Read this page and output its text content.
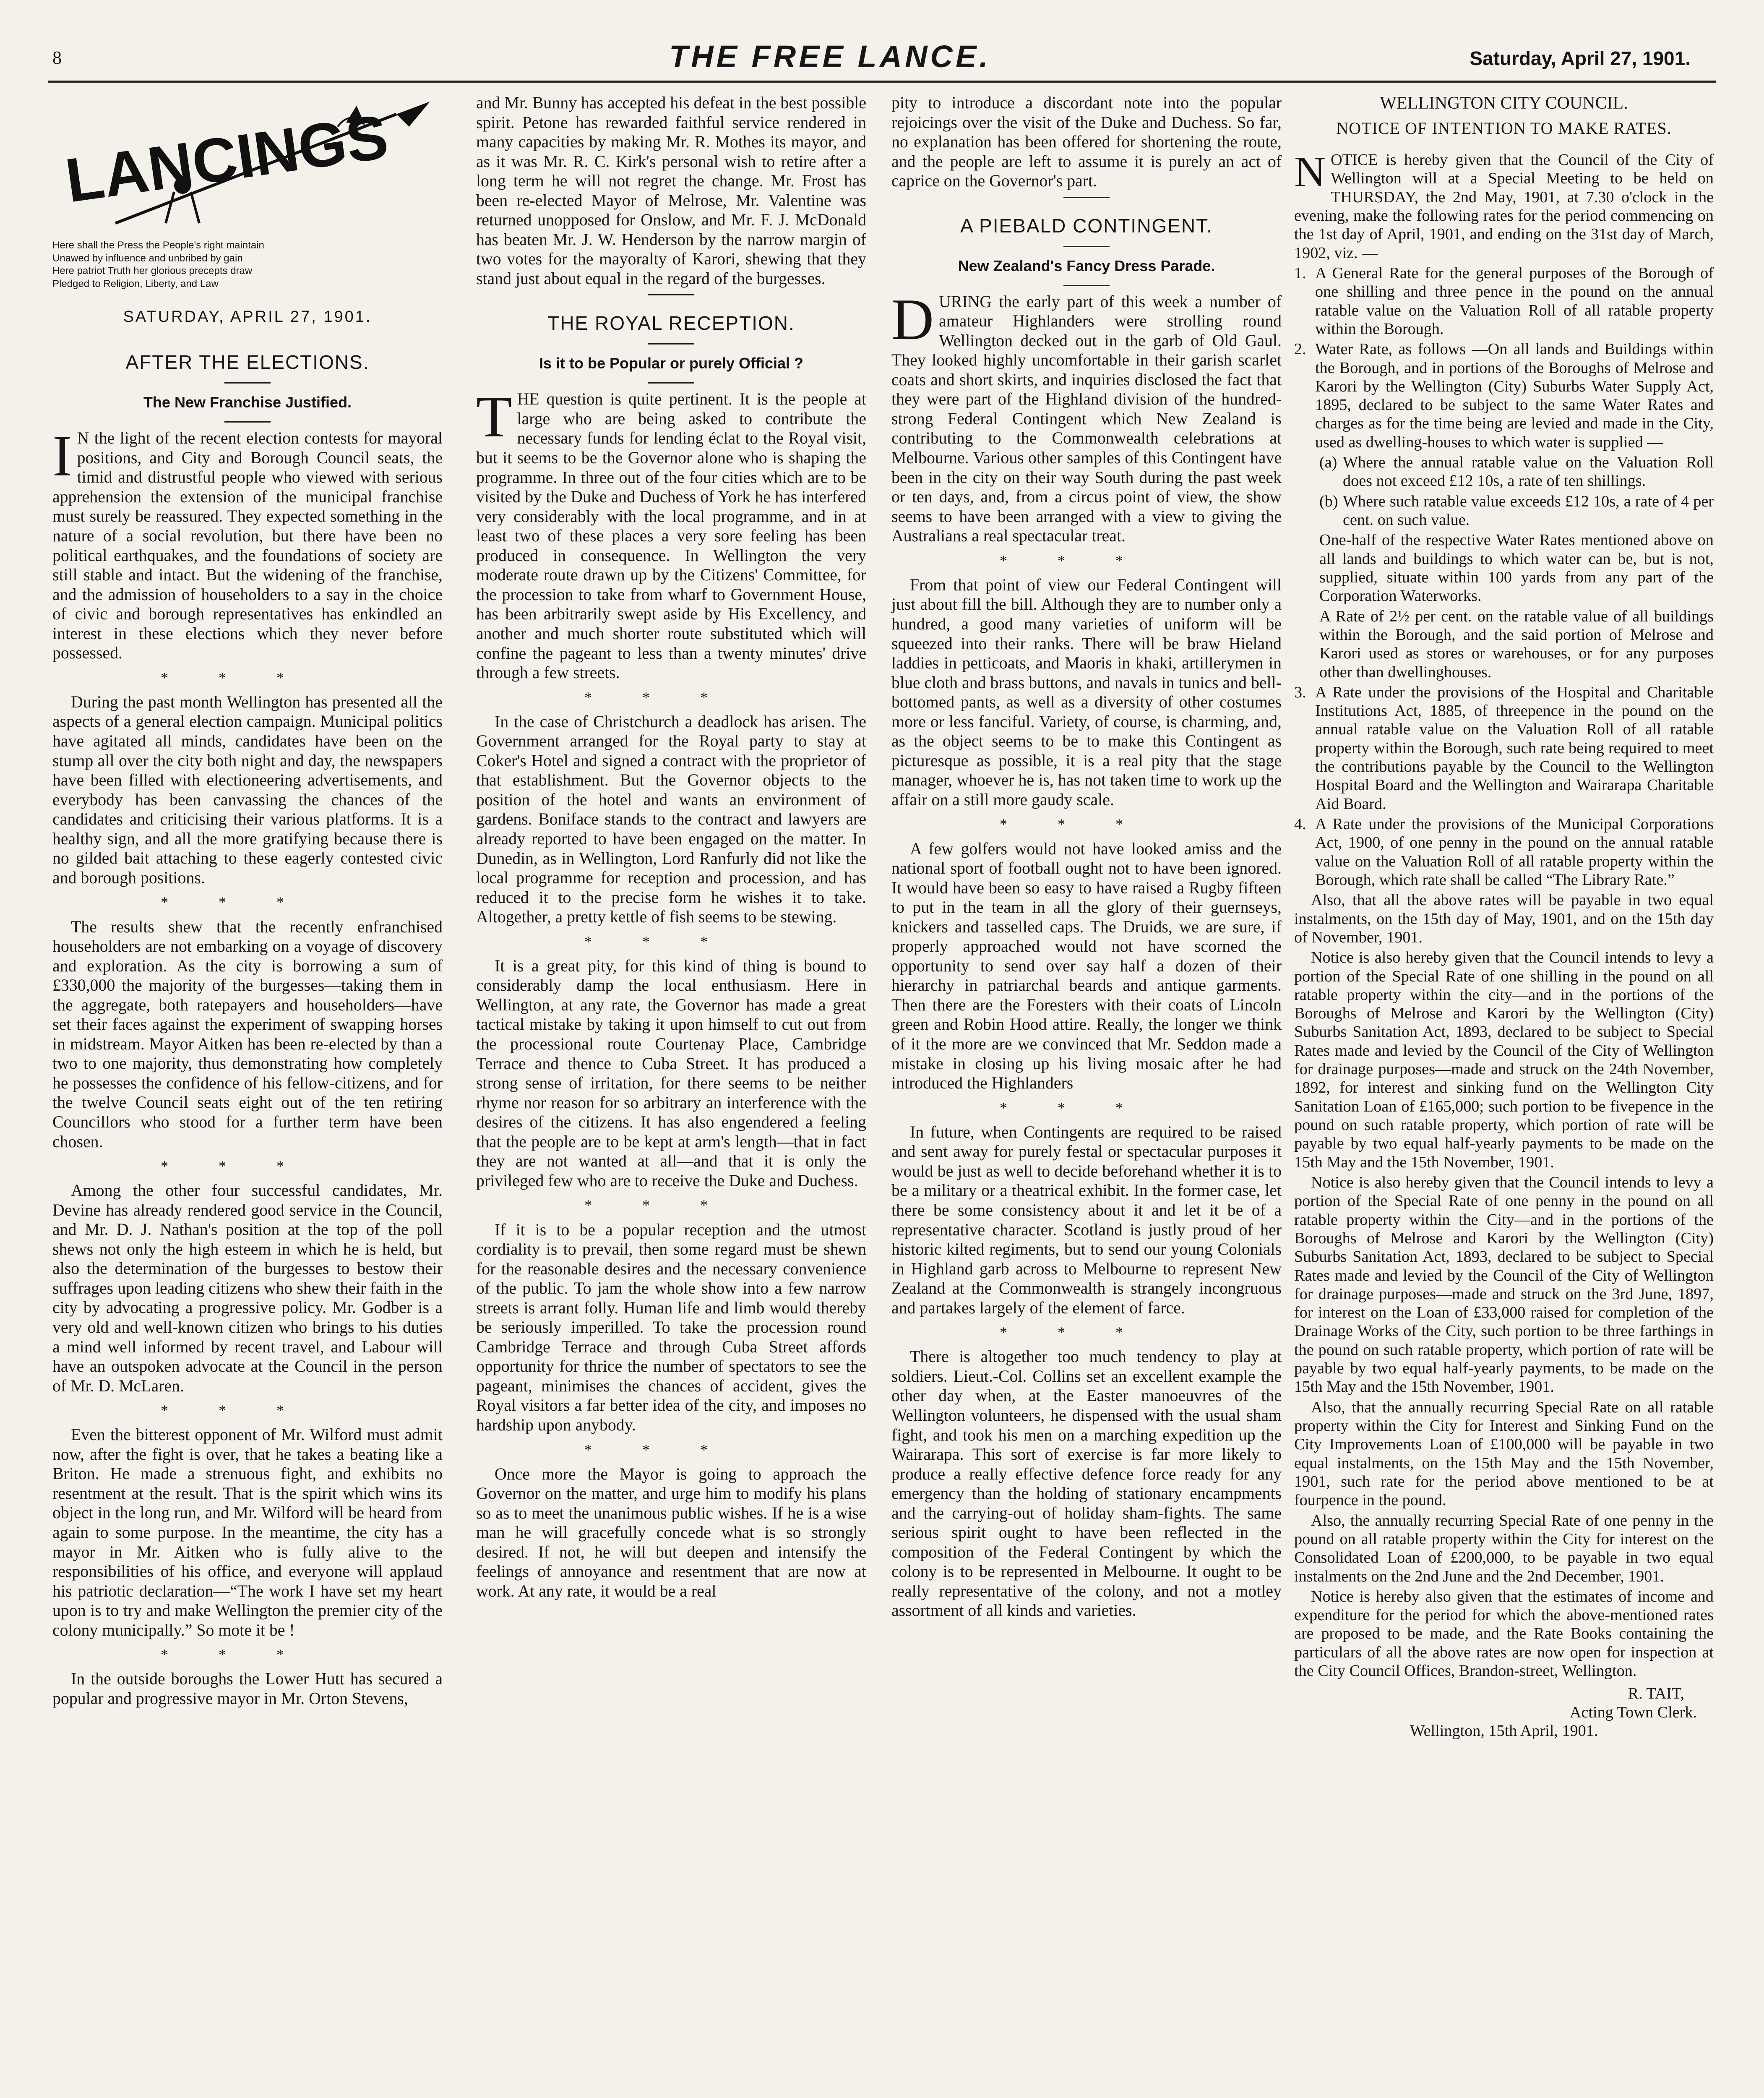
8	THE FREE LANCE.	Saturday, April 27, 1901.
LANCINGS
Here shall the Press the People's right maintain
Unawed by influence and unbribed by gain
Here patriot Truth her glorious precepts draw
Pledged to Religion, Liberty, and Law
SATURDAY, APRIL 27, 1901.
AFTER THE ELECTIONS.
The New Franchise Justified.

I N the light of the recent election contests for mayoral positions, and City and Borough Council seats, the timid and distrustful people who viewed with serious apprehension the extension of the municipal franchise must surely be reassured. They expected something in the nature of a social revolution, but there have been no political earthquakes, and the foundations of society are still stable and intact. But the widening of the franchise, and the admission of householders to a say in the choice of civic and borough representatives has enkindled an interest in these elections which they never before possessed.

***

During the past month Wellington has presented all the aspects of a general election campaign. Municipal politics have agitated all minds, candidates have been on the stump all over the city both night and day, the newspapers have been filled with electioneering advertisements, and everybody has been canvassing the chances of the candidates and criticising their various platforms. It is a healthy sign, and all the more gratifying because there is no gilded bait attaching to these eagerly contested civic and borough positions.

***

The results shew that the recently enfranchised householders are not embarking on a voyage of discovery and exploration. As the city is borrowing a sum of £330,000 the majority of the burgesses—taking them in the aggregate, both ratepayers and householders—have set their faces against the experiment of swapping horses in midstream. Mayor Aitken has been re-elected by than a two to one majority, thus demonstrating how completely he possesses the confidence of his fellow-citizens, and for the twelve Council seats eight out of the ten retiring Councillors who stood for a further term have been chosen.

***

Among the other four successful candidates, Mr. Devine has already rendered good service in the Council, and Mr. D. J. Nathan's position at the top of the poll shews not only the high esteem in which he is held, but also the determination of the burgesses to bestow their suffrages upon leading citizens who shew their faith in the city by advocating a progressive policy. Mr. Godber is a very old and well-known citizen who brings to his duties a mind well informed by recent travel, and Labour will have an outspoken advocate at the Council in the person of Mr. D. McLaren.

***

Even the bitterest opponent of Mr. Wilford must admit now, after the fight is over, that he takes a beating like a Briton. He made a strenuous fight, and exhibits no resentment at the result. That is the spirit which wins its object in the long run, and Mr. Wilford will be heard from again to some purpose. In the meantime, the city has a mayor in Mr. Aitken who is fully alive to the responsibilities of his office, and everyone will applaud his patriotic declaration—“The work I have set my heart upon is to try and make Wellington the premier city of the colony municipally.” So mote it be !

***

In the outside boroughs the Lower Hutt has secured a popular and progressive mayor in Mr. Orton Stevens,

and Mr. Bunny has accepted his defeat in the best possible spirit. Petone has rewarded faithful service rendered in many capacities by making Mr. R. Mothes its mayor, and as it was Mr. R. C. Kirk's personal wish to retire after a long term he will not regret the change. Mr. Frost has been re-elected Mayor of Melrose, Mr. Valentine was returned unopposed for Onslow, and Mr. F. J. McDonald has beaten Mr. J. W. Henderson by the narrow margin of two votes for the mayoralty of Karori, shewing that they stand just about equal in the regard of the burgesses.

THE ROYAL RECEPTION.
Is it to be Popular or purely Official ?

THE question is quite pertinent. It is the people at large who are being asked to contribute the necessary funds for lending éclat to the Royal visit, but it seems to be the Governor alone who is shaping the programme. In three out of the four cities which are to be visited by the Duke and Duchess of York he has interfered very considerably with the local programme, and in at least two of these places a very sore feeling has been produced in consequence. In Wellington the very moderate route drawn up by the Citizens' Committee, for the procession to take from wharf to Government House, has been arbitrarily swept aside by His Excellency, and another and much shorter route substituted which will confine the pageant to less than a twenty minutes' drive through a few streets.

***

In the case of Christchurch a deadlock has arisen. The Government arranged for the Royal party to stay at Coker's Hotel and signed a contract with the proprietor of that establishment. But the Governor objects to the position of the hotel and wants an environment of gardens. Boniface stands to the contract and lawyers are already reported to have been engaged on the matter. In Dunedin, as in Wellington, Lord Ranfurly did not like the local programme for reception and procession, and has reduced it to the precise form he wishes it to take. Altogether, a pretty kettle of fish seems to be stewing.

***

It is a great pity, for this kind of thing is bound to considerably damp the local enthusiasm. Here in Wellington, at any rate, the Governor has made a great tactical mistake by taking it upon himself to cut out from the processional route Courtenay Place, Cambridge Terrace and thence to Cuba Street. It has produced a strong sense of irritation, for there seems to be neither rhyme nor reason for so arbitrary an interference with the desires of the citizens. It has also engendered a feeling that the people are to be kept at arm's length—that in fact they are not wanted at all—and that it is only the privileged few who are to receive the Duke and Duchess.

***

If it is to be a popular reception and the utmost cordiality is to prevail, then some regard must be shewn for the reasonable desires and the necessary convenience of the public. To jam the whole show into a few narrow streets is arrant folly. Human life and limb would thereby be seriously imperilled. To take the procession round Cambridge Terrace and through Cuba Street affords opportunity for thrice the number of spectators to see the pageant, minimises the chances of accident, gives the Royal visitors a far better idea of the city, and imposes no hardship upon anybody.

***

Once more the Mayor is going to approach the Governor on the matter, and urge him to modify his plans so as to meet the unanimous public wishes. If he is a wise man he will gracefully concede what is so strongly desired. If not, he will but deepen and intensify the feelings of annoyance and resentment that are now at work. At any rate, it would be a real

pity to introduce a discordant note into the popular rejoicings over the visit of the Duke and Duchess. So far, no explanation has been offered for shortening the route, and the people are left to assume it is purely an act of caprice on the Governor's part.

A PIEBALD CONTINGENT.
New Zealand's Fancy Dress Parade.

DURING the early part of this week a number of amateur Highlanders were strolling round Wellington decked out in the garb of Old Gaul. They looked highly uncomfortable in their garish scarlet coats and short skirts, and inquiries disclosed the fact that they were part of the Highland division of the hundred-strong Federal Contingent which New Zealand is contributing to the Commonwealth celebrations at Melbourne. Various other samples of this Contingent have been in the city on their way South during the past week or ten days, and, from a circus point of view, the show seems to have been arranged with a view to giving the Australians a real spectacular treat.

***

From that point of view our Federal Contingent will just about fill the bill. Although they are to number only a hundred, a good many varieties of uniform will be squeezed into their ranks. There will be braw Hieland laddies in petticoats, and Maoris in khaki, artillerymen in blue cloth and brass buttons, and navals in tunics and bell-bottomed pants, as well as a diversity of other costumes more or less fanciful. Variety, of course, is charming, and, as the object seems to be to make this Contingent as picturesque as possible, it is a real pity that the stage manager, whoever he is, has not taken time to work up the affair on a still more gaudy scale.

***

A few golfers would not have looked amiss and the national sport of football ought not to have been ignored. It would have been so easy to have raised a Rugby fifteen to put in the team in all the glory of their guernseys, knickers and tasselled caps. The Druids, we are sure, if properly approached would not have scorned the opportunity to send over say half a dozen of their hierarchy in patriarchal beards and antique garments. Then there are the Foresters with their coats of Lincoln green and Robin Hood attire. Really, the longer we think of it the more are we convinced that Mr. Seddon made a mistake in closing up his living mosaic after he had introduced the Highlanders

***

In future, when Contingents are required to be raised and sent away for purely festal or spectacular purposes it would be just as well to decide beforehand whether it is to be a military or a theatrical exhibit. In the former case, let there be some consistency about it and let it be of a representative character. Scotland is justly proud of her historic kilted regiments, but to send our young Colonials in Highland garb across to Melbourne to represent New Zealand at the Commonwealth is strangely incongruous and partakes largely of the element of farce.

***

There is altogether too much tendency to play at soldiers. Lieut.-Col. Collins set an excellent example the other day when, at the Easter manoeuvres of the Wellington volunteers, he dispensed with the usual sham fight, and took his men on a marching expedition up the Wairarapa. This sort of exercise is far more likely to produce a really effective defence force ready for any emergency than the holding of stationary encampments and the carrying-out of holiday sham-fights. The same serious spirit ought to have been reflected in the composition of the Federal Contingent by which the colony is to be represented in Melbourne. It ought to be really representative of the colony, and not a motley assortment of all kinds and varieties.

WELLINGTON CITY COUNCIL.
NOTICE OF INTENTION TO MAKE RATES.

NOTICE is hereby given that the Council of the City of Wellington will at a Special Meeting to be held on THURSDAY, the 2nd May, 1901, at 7.30 o'clock in the evening, make the following rates for the period commencing on the 1st day of April, 1901, and ending on the 31st day of March, 1902, viz. —

1. A General Rate for the general purposes of the Borough of one shilling and three pence in the pound on the annual ratable value on the Valuation Roll of all ratable property within the Borough.
2. Water Rate, as follows —On all lands and Buildings within the Borough, and in portions of the Boroughs of Melrose and Karori by the Wellington (City) Suburbs Water Supply Act, 1895, declared to be subject to the same Water Rates and charges as for the time being are levied and made in the City, used as dwelling-houses to which water is supplied —
(a) Where the annual ratable value on the Valuation Roll does not exceed £12 10s, a rate of ten shillings.
(b) Where such ratable value exceeds £12 10s, a rate of 4 per cent. on such value.
One-half of the respective Water Rates mentioned above on all lands and buildings to which water can be, but is not, supplied, situate within 100 yards from any part of the Corporation Waterworks.
A Rate of 2½ per cent. on the ratable value of all buildings within the Borough, and the said portion of Melrose and Karori used as stores or warehouses, or for any purposes other than dwellinghouses.
3. A Rate under the provisions of the Hospital and Charitable Institutions Act, 1885, of threepence in the pound on the annual ratable value on the Valuation Roll of all ratable property within the Borough, such rate being required to meet the contributions payable by the Council to the Wellington Hospital Board and the Wellington and Wairarapa Charitable Aid Board.
4. A Rate under the provisions of the Municipal Corporations Act, 1900, of one penny in the pound on the annual ratable value on the Valuation Roll of all ratable property within the Borough, which rate shall be called “The Library Rate.”

Also, that all the above rates will be payable in two equal instalments, on the 15th day of May, 1901, and on the 15th day of November, 1901.

Notice is also hereby given that the Council intends to levy a portion of the Special Rate of one shilling in the pound on all ratable property within the city—and in the portions of the Boroughs of Melrose and Karori by the Wellington (City) Suburbs Sanitation Act, 1893, declared to be subject to Special Rates made and levied by the Council of the City of Wellington for drainage purposes—made and struck on the 24th November, 1892, for interest and sinking fund on the Wellington City Sanitation Loan of £165,000; such portion to be fivepence in the pound on such ratable property, which portion of rate will be payable by two equal half-yearly payments to be made on the 15th May and the 15th November, 1901.

Notice is also hereby given that the Council intends to levy a portion of the Special Rate of one penny in the pound on all ratable property within the City—and in the portions of the Boroughs of Melrose and Karori by the Wellington (City) Suburbs Sanitation Act, 1893, declared to be subject to Special Rates made and levied by the Council of the City of Wellington for drainage purposes—made and struck on the 3rd June, 1897, for interest on the Loan of £33,000 raised for completion of the Drainage Works of the City, such portion to be three farthings in the pound on such ratable property, which portion of rate will be payable by two equal half-yearly payments, to be made on the 15th May and the 15th November, 1901.

Also, that the annually recurring Special Rate on all ratable property within the City for Interest and Sinking Fund on the City Improvements Loan of £100,000 will be payable in two equal instalments, on the 15th May and the 15th November, 1901, such rate for the period above mentioned to be at fourpence in the pound.

Also, the annually recurring Special Rate of one penny in the pound on all ratable property within the City for interest on the Consolidated Loan of £200,000, to be payable in two equal instalments on the 2nd June and the 2nd December, 1901.

Notice is hereby also given that the estimates of income and expenditure for the period for which the above-mentioned rates are proposed to be made, and the Rate Books containing the particulars of all the above rates are now open for inspection at the City Council Offices, Brandon-street, Wellington.

R. TAIT,
Acting Town Clerk.
Wellington, 15th April, 1901.
